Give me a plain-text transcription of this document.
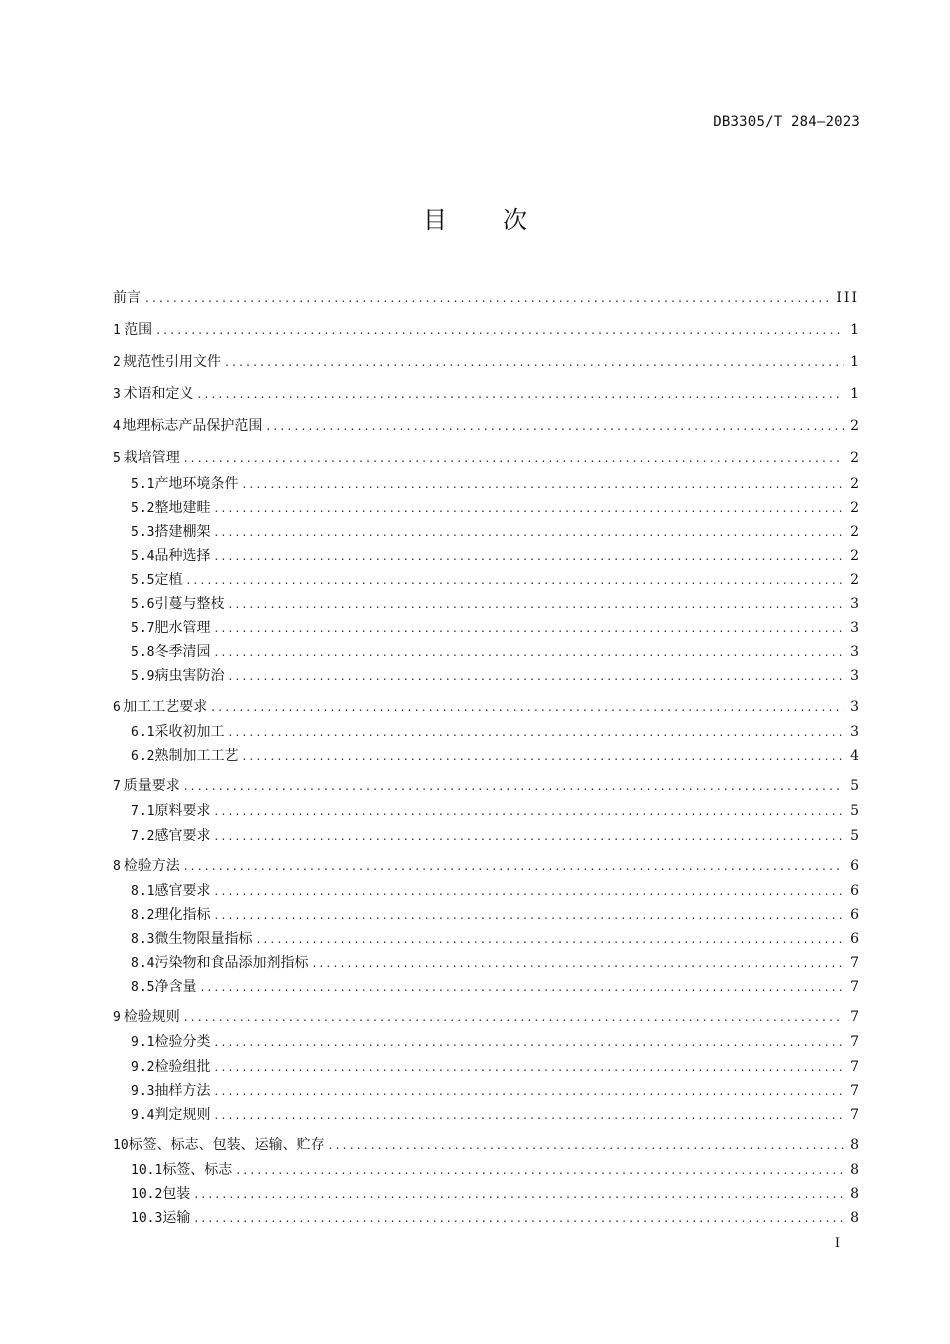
DB3305/T 284—2023
目 次
前言 .....	III
1 范围 .....	1
2 规范性引用文件 .....	1
3 术语和定义 .....	1
4 地理标志产品保护范围 .....	2
5 栽培管理 .....	2
5.1 产地环境条件 .....	2
5.2 整地建畦 .....	2
5.3 搭建棚架 .....	2
5.4 品种选择 .....	2
5.5 定植 .....	2
5.6 引蔓与整枝 .....	3
5.7 肥水管理 .....	3
5.8 冬季清园 .....	3
5.9 病虫害防治 .....	3
6 加工工艺要求 .....	3
6.1 采收初加工 .....	3
6.2 熟制加工工艺 .....	4
7 质量要求 .....	5
7.1 原料要求 .....	5
7.2 感官要求 .....	5
8 检验方法 .....	6
8.1 感官要求 .....	6
8.2 理化指标 .....	6
8.3 微生物限量指标 .....	6
8.4 污染物和食品添加剂指标 .....	7
8.5 净含量 .....	7
9 检验规则 .....	7
9.1 检验分类 .....	7
9.2 检验组批 .....	7
9.3 抽样方法 .....	7
9.4 判定规则 .....	7
10 标签、标志、包装、运输、贮存 .....	8
10.1 标签、标志 .....	8
10.2 包装 .....	8
10.3 运输 .....	8
I
